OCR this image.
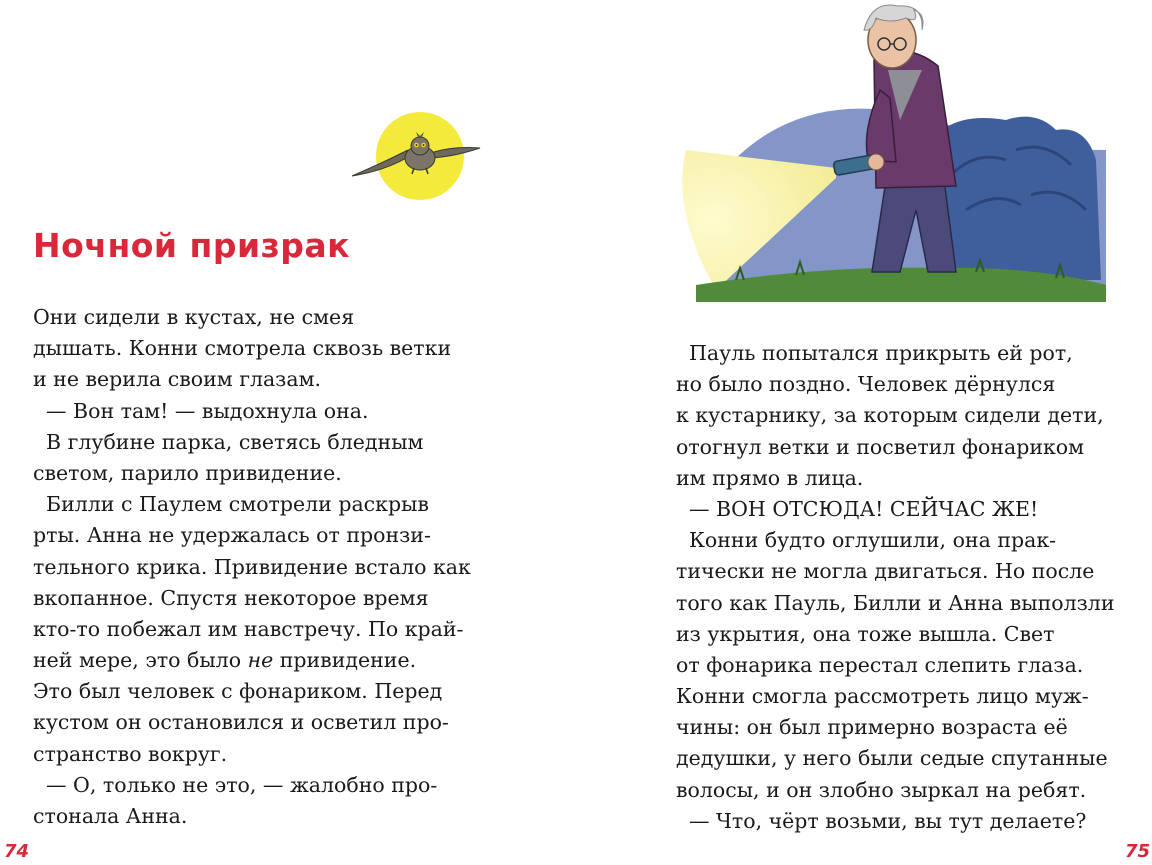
Ночной призрак
Они сидели в кустах, не смея
дышать. Конни смотрела сквозь ветки
и не верила своим глазам.
— Вон там! — выдохнула она.
В глубине парка, светясь бледным
светом, парило привидение.
Билли с Паулем смотрели раскрыв
рты. Анна не удержалась от пронзи-
тельного крика. Привидение встало как
вкопанное. Спустя некоторое время
кто-то побежал им навстречу. По край-
ней мере, это было не привидение.
Это был человек с фонариком. Перед
кустом он остановился и осветил про-
странство вокруг.
— О, только не это, — жалобно про-
стонала Анна.
74
Пауль попытался прикрыть ей рот,
но было поздно. Человек дёрнулся
к кустарнику, за которым сидели дети,
отогнул ветки и посветил фонариком
им прямо в лица.
— ВОН ОТСЮДА! СЕЙЧАС ЖЕ!
Конни будто оглушили, она прак-
тически не могла двигаться. Но после
того как Пауль, Билли и Анна выползли
из укрытия, она тоже вышла. Свет
от фонарика перестал слепить глаза.
Конни смогла рассмотреть лицо муж-
чины: он был примерно возраста её
дедушки, у него были седые спутанные
волосы, и он злобно зыркал на ребят.
— Что, чёрт возьми, вы тут делаете?
75
